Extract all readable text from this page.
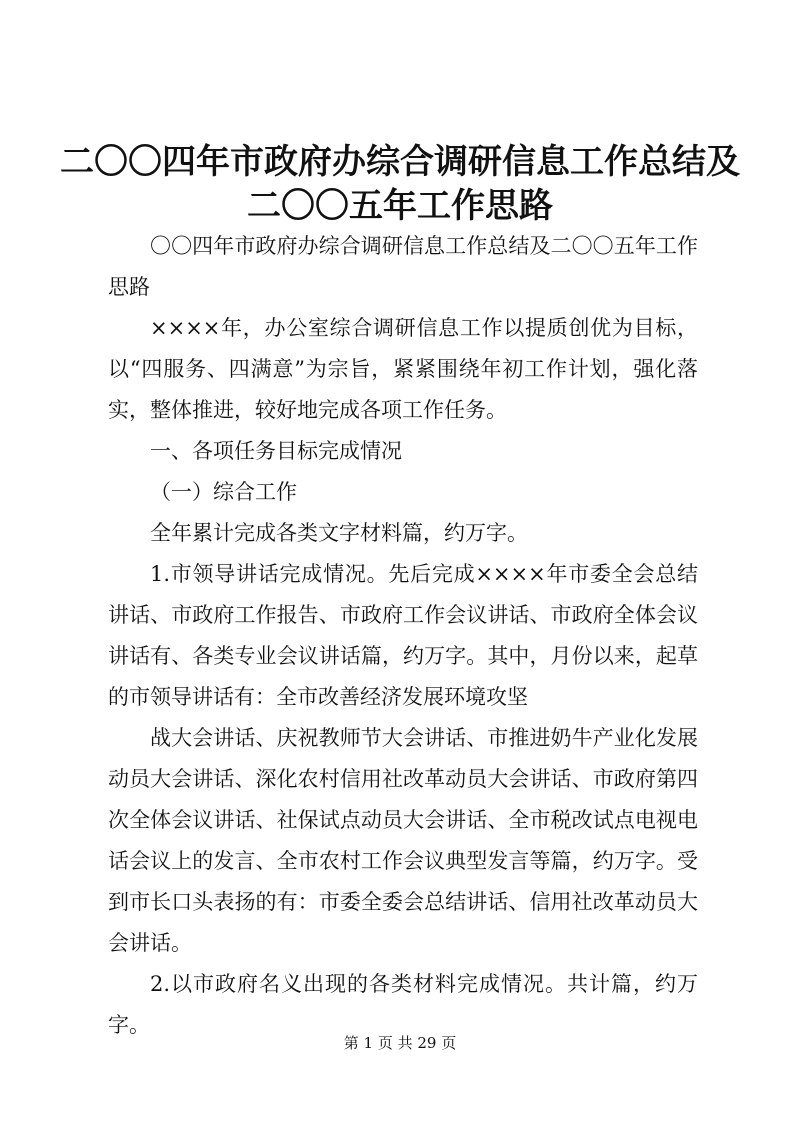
二〇〇四年市政府办综合调研信息工作总结及
二〇〇五年工作思路

〇〇四年市政府办综合调研信息工作总结及二〇〇五年工作思路

××××年，办公室综合调研信息工作以提质创优为目标，以“四服务、四满意”为宗旨，紧紧围绕年初工作计划，强化落实，整体推进，较好地完成各项工作任务。

一、各项任务目标完成情况

（一）综合工作

全年累计完成各类文字材料篇，约万字。

1.市领导讲话完成情况。先后完成××××年市委全会总结讲话、市政府工作报告、市政府工作会议讲话、市政府全体会议讲话有、各类专业会议讲话篇，约万字。其中，月份以来，起草的市领导讲话有：全市改善经济发展环境攻坚

战大会讲话、庆祝教师节大会讲话、市推进奶牛产业化发展动员大会讲话、深化农村信用社改革动员大会讲话、市政府第四次全体会议讲话、社保试点动员大会讲话、全市税改试点电视电话会议上的发言、全市农村工作会议典型发言等篇，约万字。受到市长口头表扬的有：市委全委会总结讲话、信用社改革动员大会讲话。

2.以市政府名义出现的各类材料完成情况。共计篇，约万字。

第 1 页 共 29 页
